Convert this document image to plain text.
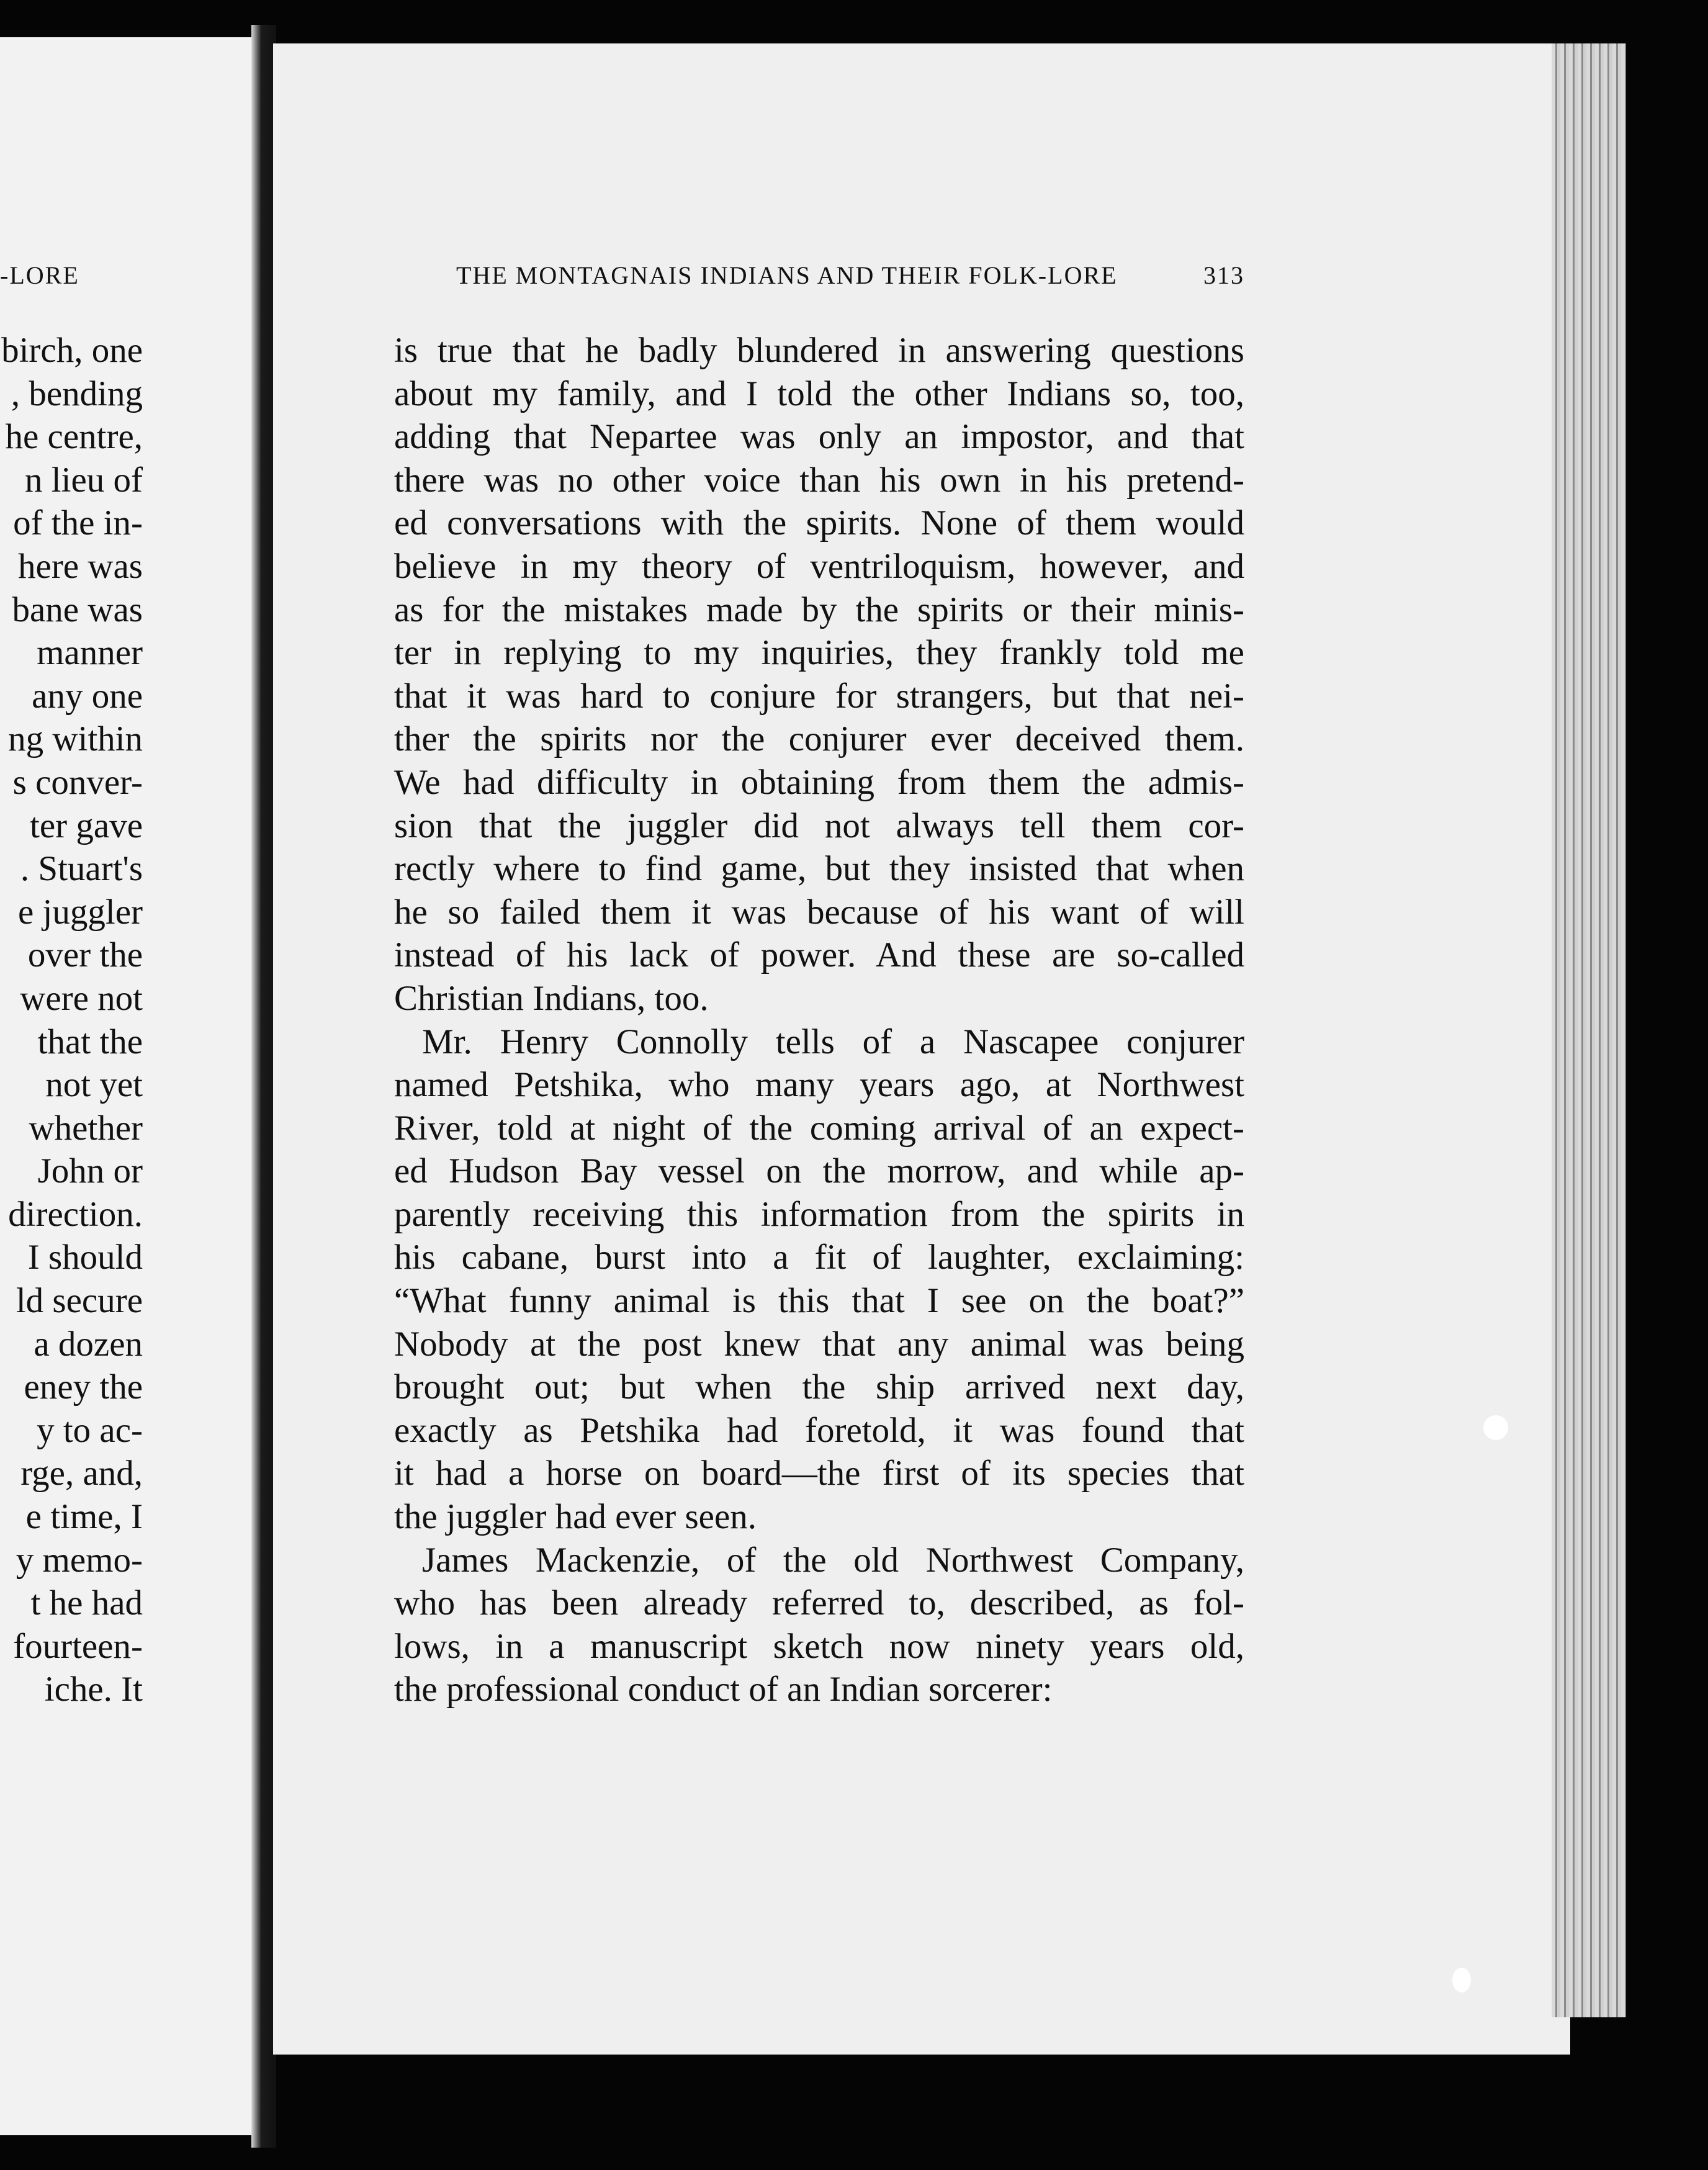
-LORE
birch, one
, bending
he centre,
n lieu of
of the in-
here was
bane was
manner
any one
ng within
s conver-
ter gave
. Stuart's
e juggler
over the
were not
that the
not yet
whether
John or
direction.
I should
ld secure
a dozen
eney the
y to ac-
rge, and,
e time, I
y memo-
t he had
fourteen-
iche. It
THE MONTAGNAIS INDIANS AND THEIR FOLK-LORE	313
is true that he badly blundered in answering questions
about my family, and I told the other Indians so, too,
adding that Nepartee was only an impostor, and that
there was no other voice than his own in his pretend-
ed conversations with the spirits. None of them would
believe in my theory of ventriloquism, however, and
as for the mistakes made by the spirits or their minis-
ter in replying to my inquiries, they frankly told me
that it was hard to conjure for strangers, but that nei-
ther the spirits nor the conjurer ever deceived them.
We had difficulty in obtaining from them the admis-
sion that the juggler did not always tell them cor-
rectly where to find game, but they insisted that when
he so failed them it was because of his want of will
instead of his lack of power. And these are so-called
Christian Indians, too.
Mr. Henry Connolly tells of a Nascapee conjurer
named Petshika, who many years ago, at Northwest
River, told at night of the coming arrival of an expect-
ed Hudson Bay vessel on the morrow, and while ap-
parently receiving this information from the spirits in
his cabane, burst into a fit of laughter, exclaiming:
“What funny animal is this that I see on the boat?”
Nobody at the post knew that any animal was being
brought out; but when the ship arrived next day,
exactly as Petshika had foretold, it was found that
it had a horse on board—the first of its species that
the juggler had ever seen.
James Mackenzie, of the old Northwest Company,
who has been already referred to, described, as fol-
lows, in a manuscript sketch now ninety years old,
the professional conduct of an Indian sorcerer:
